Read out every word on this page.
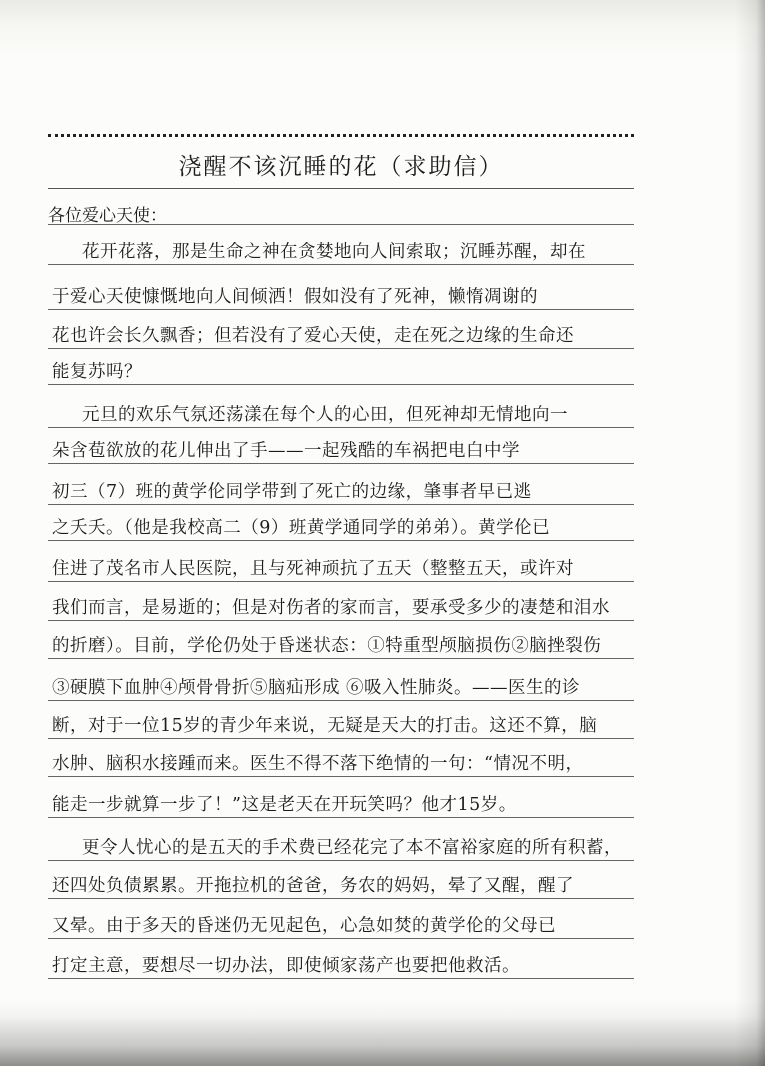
浇醒不该沉睡的花（求助信）
各位爱心天使：
花开花落，那是生命之神在贪婪地向人间索取；沉睡苏醒，却在
于爱心天使慷慨地向人间倾洒！假如没有了死神，懒惰凋谢的
花也许会长久飘香；但若没有了爱心天使，走在死之边缘的生命还
能复苏吗？
元旦的欢乐气氛还荡漾在每个人的心田，但死神却无情地向一
朵含苞欲放的花儿伸出了手——一起残酷的车祸把电白中学
初三（7）班的黄学伦同学带到了死亡的边缘，肇事者早已逃
之夭夭。（他是我校高二（9）班黄学通同学的弟弟）。黄学伦已
住进了茂名市人民医院，且与死神顽抗了五天（整整五天，或许对
我们而言，是易逝的；但是对伤者的家而言，要承受多少的凄楚和泪水
的折磨）。目前，学伦仍处于昏迷状态：①特重型颅脑损伤②脑挫裂伤
③硬膜下血肿④颅骨骨折⑤脑疝形成 ⑥吸入性肺炎。——医生的诊
断，对于一位15岁的青少年来说，无疑是天大的打击。这还不算，脑
水肿、脑积水接踵而来。医生不得不落下绝情的一句：“情况不明，
能走一步就算一步了！”这是老天在开玩笑吗？他才15岁。
更令人忧心的是五天的手术费已经花完了本不富裕家庭的所有积蓄，
还四处负债累累。开拖拉机的爸爸，务农的妈妈，晕了又醒，醒了
又晕。由于多天的昏迷仍无见起色，心急如焚的黄学伦的父母已
打定主意，要想尽一切办法，即使倾家荡产也要把他救活。
